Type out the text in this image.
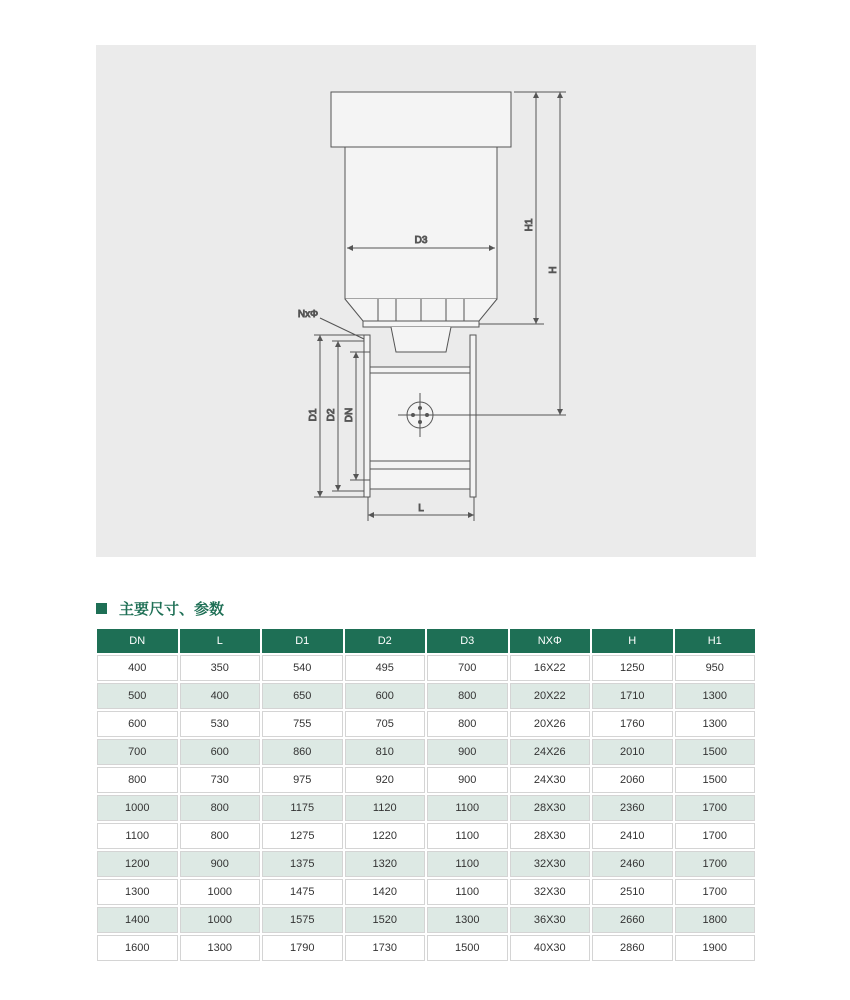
D3
H1
H
NxΦ
D1 D2 DN
L
主要尺寸、参数
DN	L	D1	D2	D3	NXΦ	H	H1
400	350	540	495	700	16X22	1250	950
500	400	650	600	800	20X22	1710	1300
600	530	755	705	800	20X26	1760	1300
700	600	860	810	900	24X26	2010	1500
800	730	975	920	900	24X30	2060	1500
1000	800	1175	1120	1100	28X30	2360	1700
1100	800	1275	1220	1100	28X30	2410	1700
1200	900	1375	1320	1100	32X30	2460	1700
1300	1000	1475	1420	1100	32X30	2510	1700
1400	1000	1575	1520	1300	36X30	2660	1800
1600	1300	1790	1730	1500	40X30	2860	1900
